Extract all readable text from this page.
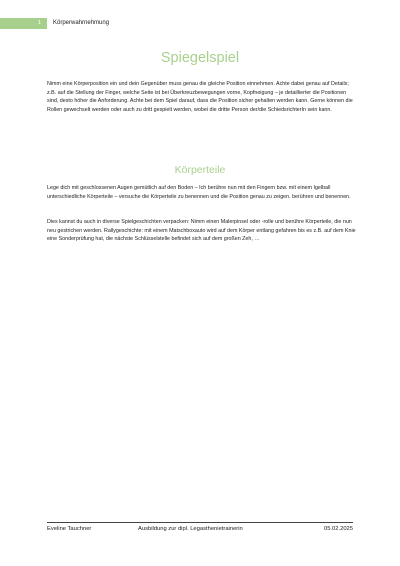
1 Körperwahrnehmung
Spiegelspiel

Nimm eine Körperposition ein und dein Gegenüber muss genau die gleiche Position einnehmen. Achte dabei genau auf Details; z.B. auf die Stellung der Finger, welche Seite ist bei Überkreuzbewegungen vorne, Kopfneigung – je detaillierter die Positionen sind, desto höher die Anforderung. Achte bei dem Spiel darauf, dass die Position sicher gehalten werden kann. Gerne können die Rollen gewechselt werden oder auch zu dritt gespielt werden, wobei die dritte Person der/die SchiedsrichterIn sein kann.

Körperteile

Lege dich mit geschlossenen Augen gemütlich auf den Boden – Ich berühre nun mit den Fingern bzw. mit einem Igelball unterschiedliche Körperteile – versuche die Körperteile zu benennen und die Position genau zu zeigen. berühren und benennen.

Dies kannst du auch in diverse Spielgeschichten verpacken: Nimm einen Malerpinsel oder -rolle und berühre Körperteile, die nun neu gestrichen werden. Rallygeschichte: mit einem Matschboxauto wird auf dem Körper entlang gefahren bis es z.B. auf dem Knie eine Sonderprüfung hat, die nächste Schlüsselstelle befindet sich auf dem großen Zeh, …

Eveline Tauchner	Ausbildung zur dipl. Legasthenietrainerin	05.02.2025
